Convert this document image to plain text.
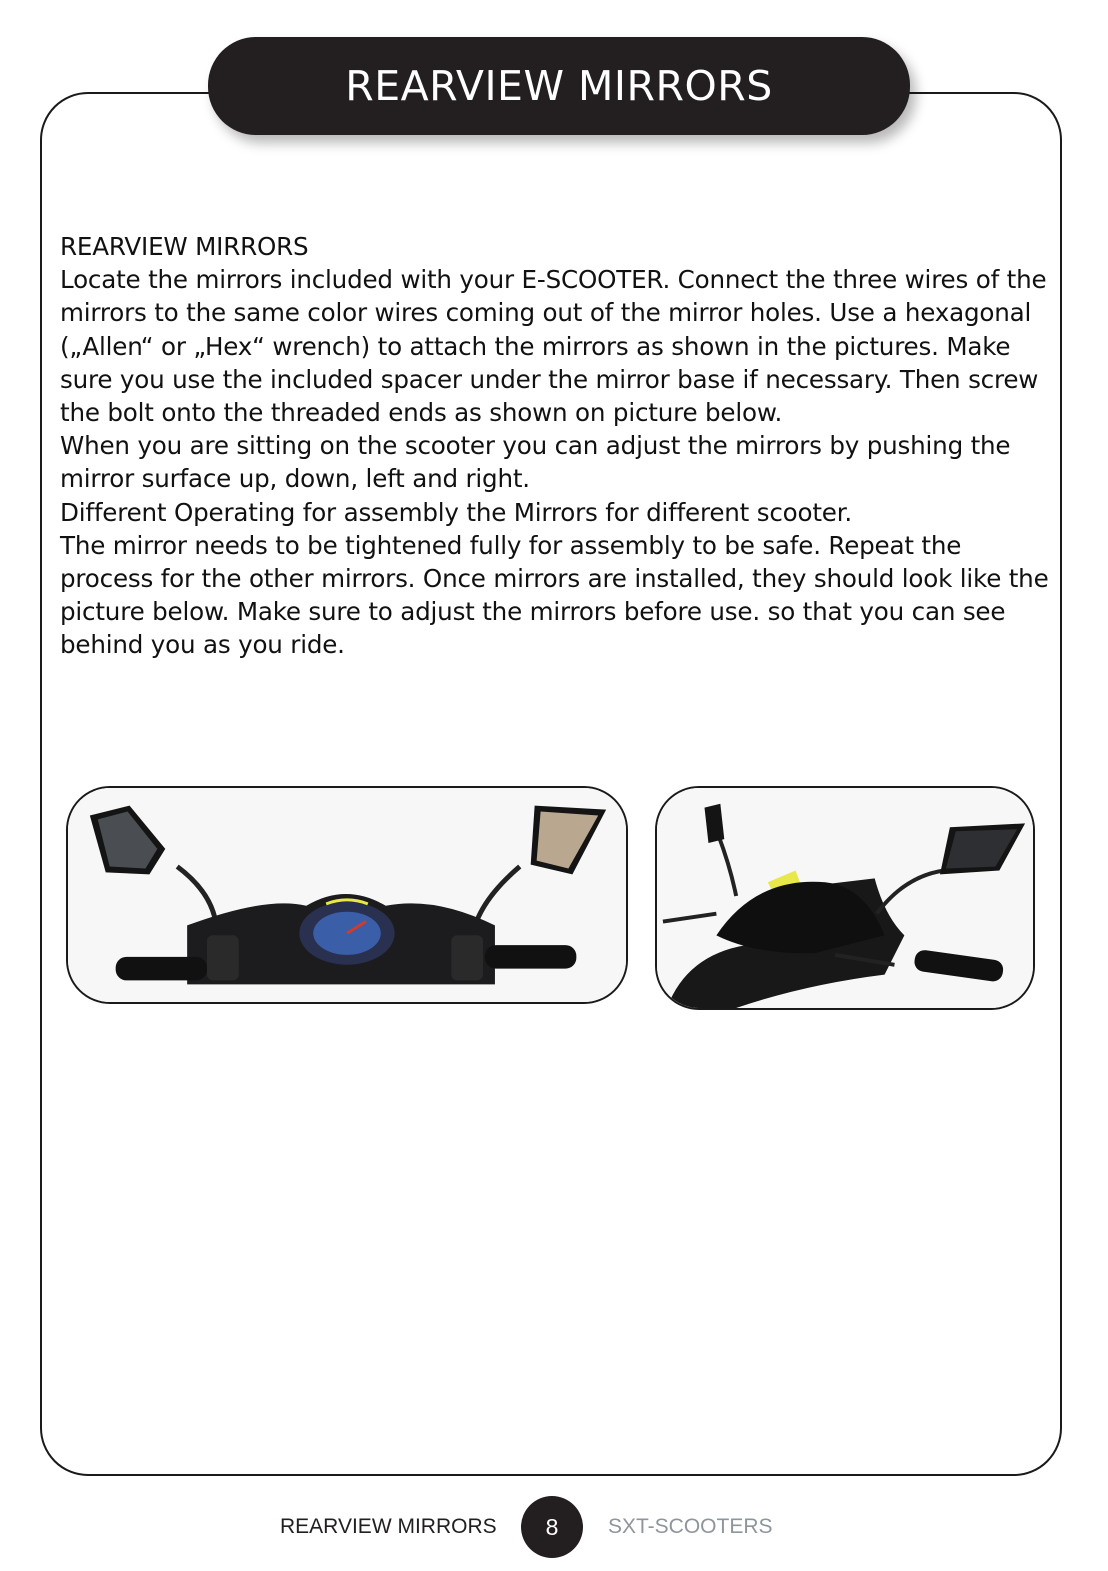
REARVIEW MIRRORS

REARVIEW MIRRORS

Locate the mirrors included with your E-SCOOTER. Connect the three wires of the mirrors to the same color wires coming out of the mirror holes. Use a hexagonal („Allen“ or „Hex“ wrench) to attach the mirrors as shown in the pictures. Make sure you use the included spacer under the mirror base if necessary. Then screw the bolt onto the threaded ends as shown on picture below.

When you are sitting on the scooter you can adjust the mirrors by pushing the mirror surface up, down, left and right.

Different Operating for assembly the Mirrors for different scooter.

The mirror needs to be tightened fully for assembly to be safe. Repeat the process for the other mirrors. Once mirrors are installed, they should look like the picture below. Make sure to adjust the mirrors before use. so that you can see behind you as you ride.

REARVIEW MIRRORS 8 SXT-SCOOTERS
